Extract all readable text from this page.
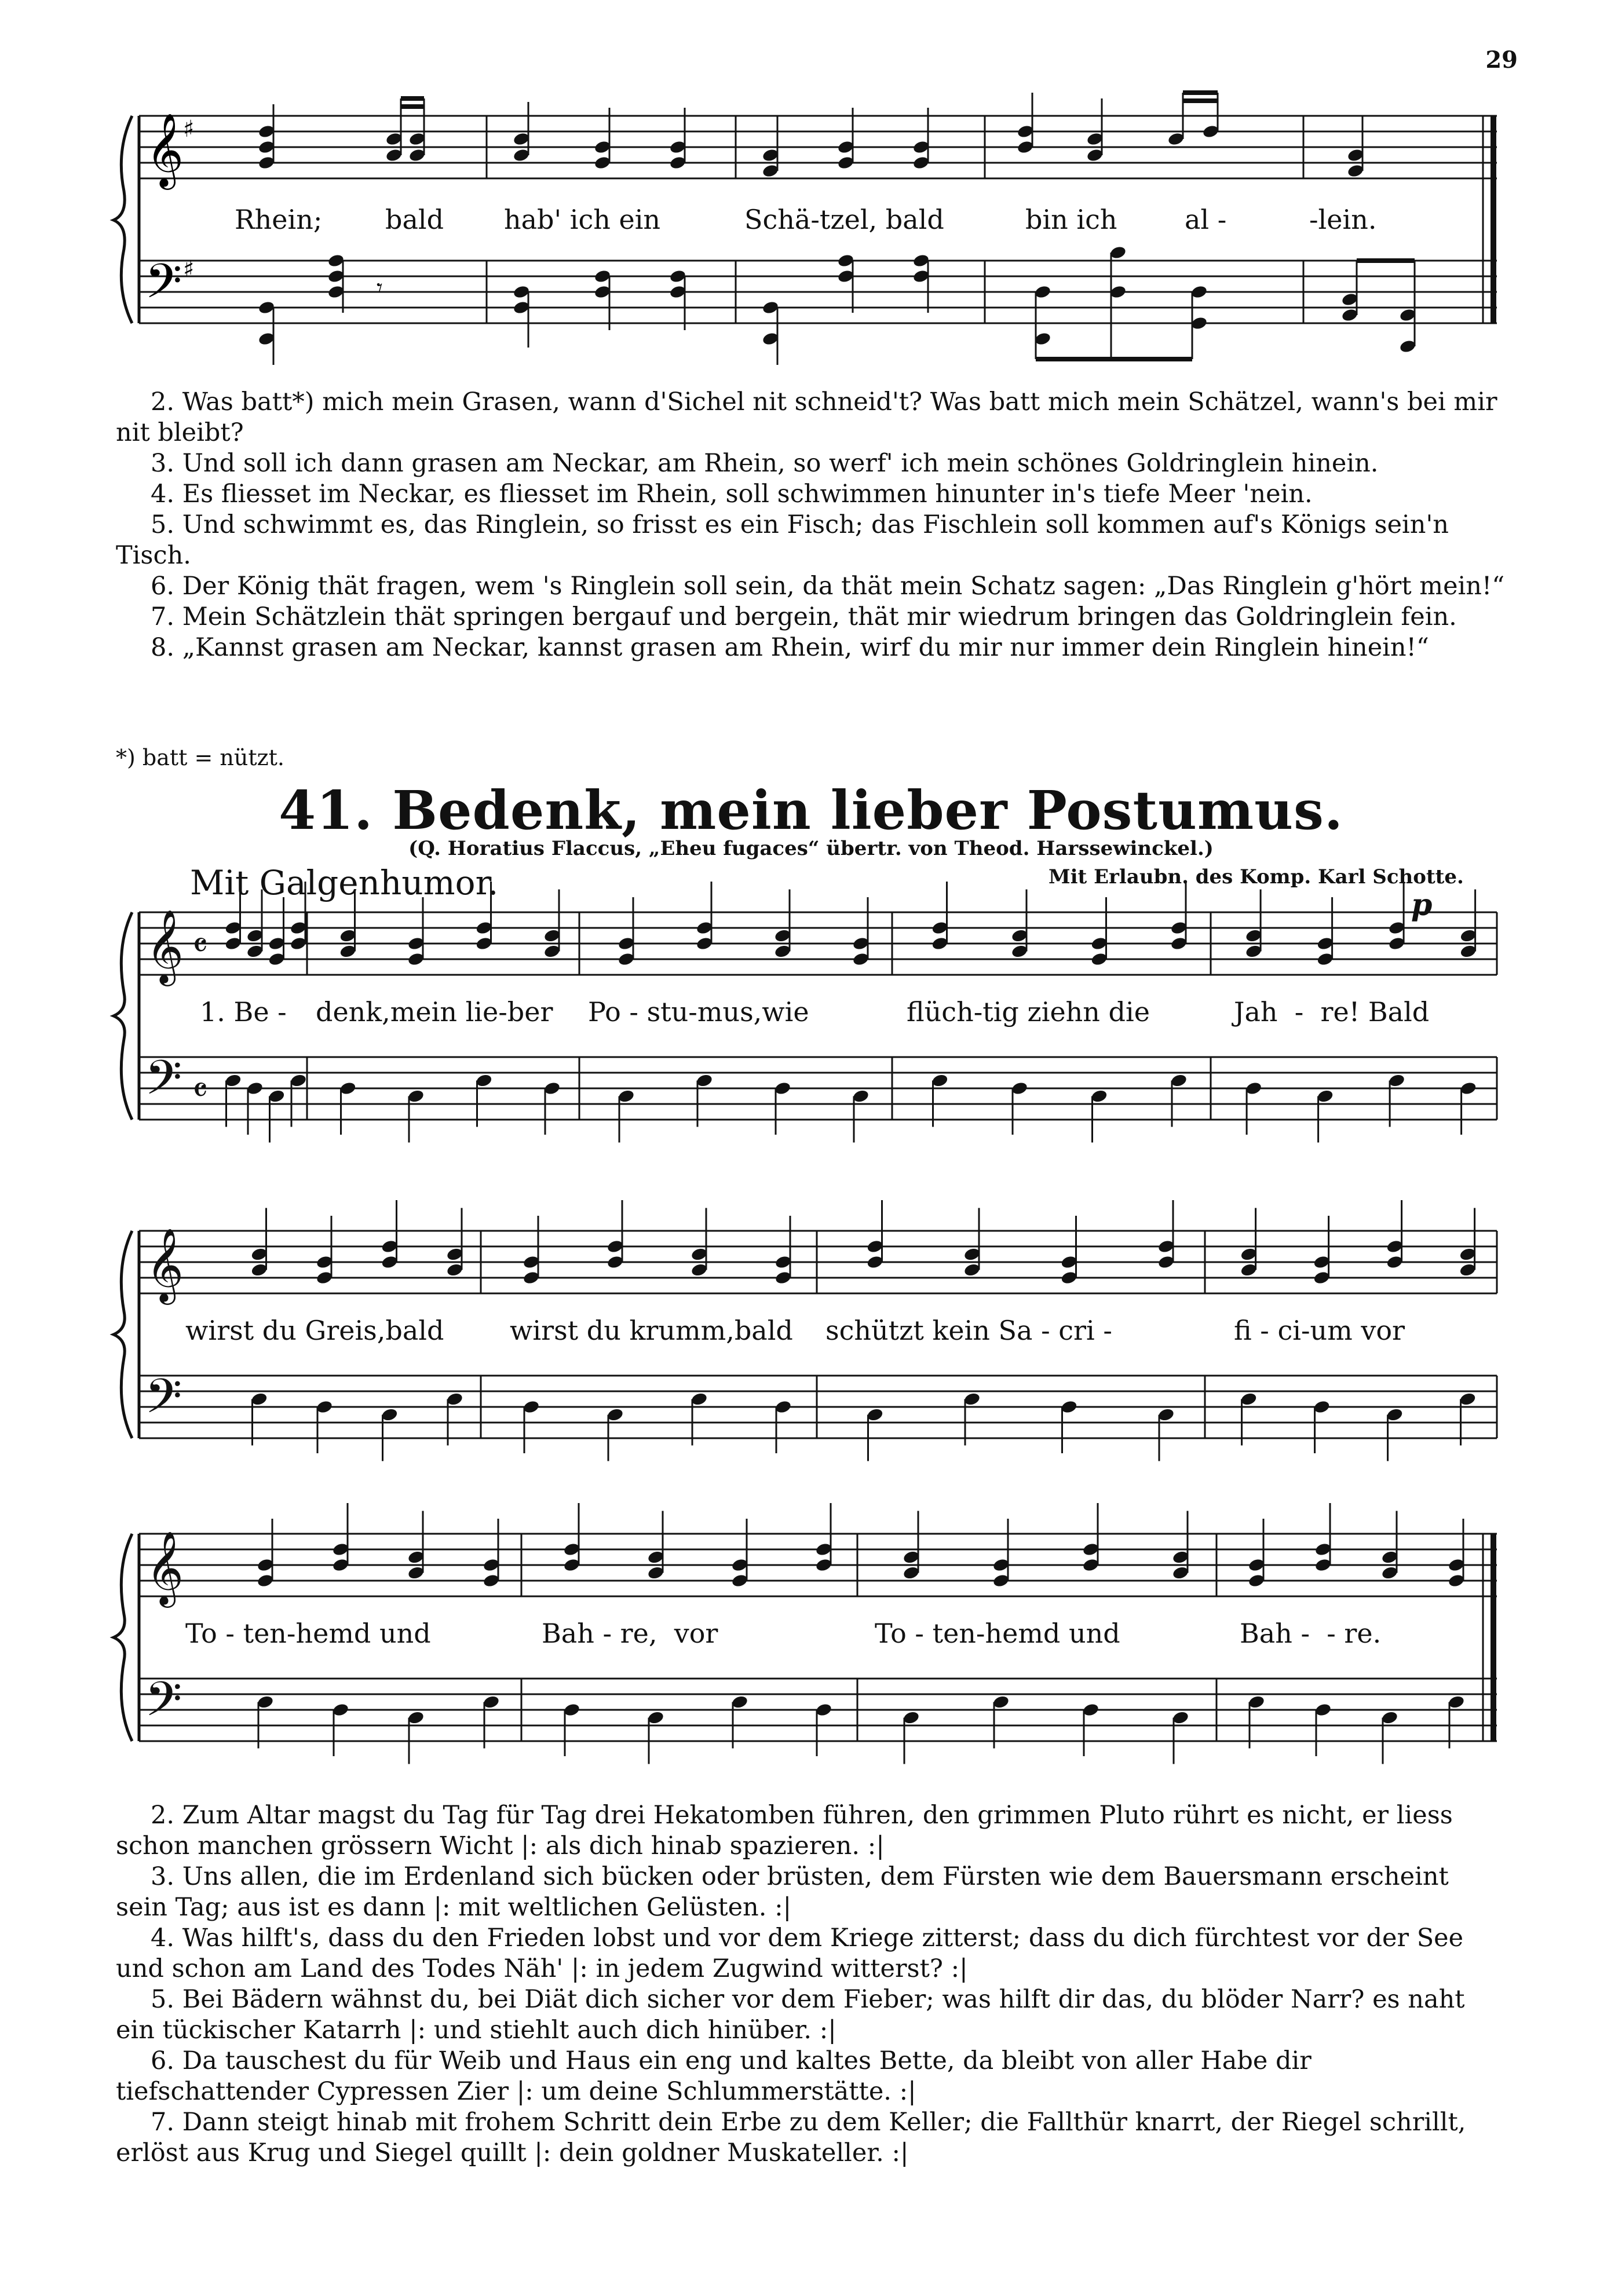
29
𝄞
𝄢
♯
♯
𝄾
Rhein; bald hab' ich ein	Schä-tzel, bald	bin ich	al -	-lein.

2. Was batt*) mich mein Grasen, wann d'Sichel nit schneid't? Was batt mich mein Schätzel, wann's bei mir nit bleibt?

3. Und soll ich dann grasen am Neckar, am Rhein, so werf' ich mein schönes Goldringlein hinein.

4. Es fliesset im Neckar, es fliesset im Rhein, soll schwimmen hinunter in's tiefe Meer 'nein.

5. Und schwimmt es, das Ringlein, so frisst es ein Fisch; das Fischlein soll kommen auf's Königs sein'n Tisch.

6. Der König thät fragen, wem 's Ringlein soll sein, da thät mein Schatz sagen: „Das Ringlein g'hört mein!“

7. Mein Schätzlein thät springen bergauf und bergein, thät mir wiedrum bringen das Goldringlein fein.

8. „Kannst grasen am Neckar, kannst grasen am Rhein, wirf du mir nur immer dein Ringlein hinein!“

*) batt = nützt.
41. Bedenk, mein lieber Postumus.
(Q. Horatius Flaccus, „Eheu fugaces“ übertr. von Theod. Harssewinckel.)
Mit Galgenhumor.	Mit Erlaubn. des Komp. Karl Schotte.
p
𝄞
𝄢
𝄴
𝄴
𝄞
𝄢
𝄞
𝄢
1. Be - denk,mein lie-ber Po - stu-mus,wie	flüch-tig ziehn die	Jah  -  re! Bald
wirst du Greis,bald wirst du krumm,bald schützt kein Sa - cri -	fi - ci-um vor
To - ten-hemd und	Bah - re,  vor	To - ten-hemd und	Bah -  - re.

2. Zum Altar magst du Tag für Tag drei Hekatomben führen, den grimmen Pluto rührt es nicht, er liess schon manchen grössern Wicht |: als dich hinab spazieren. :|

3. Uns allen, die im Erdenland sich bücken oder brüsten, dem Fürsten wie dem Bauersmann erscheint sein Tag; aus ist es dann |: mit weltlichen Gelüsten. :|

4. Was hilft's, dass du den Frieden lobst und vor dem Kriege zitterst; dass du dich fürchtest vor der See und schon am Land des Todes Näh' |: in jedem Zugwind witterst? :|

5. Bei Bädern wähnst du, bei Diät dich sicher vor dem Fieber; was hilft dir das, du blöder Narr? es naht ein tückischer Katarrh |: und stiehlt auch dich hinüber. :|

6. Da tauschest du für Weib und Haus ein eng und kaltes Bette, da bleibt von aller Habe dir tiefschattender Cypressen Zier |: um deine Schlummerstätte. :|

7. Dann steigt hinab mit frohem Schritt dein Erbe zu dem Keller; die Fallthür knarrt, der Riegel schrillt, erlöst aus Krug und Siegel quillt |: dein goldner Muskateller. :|
